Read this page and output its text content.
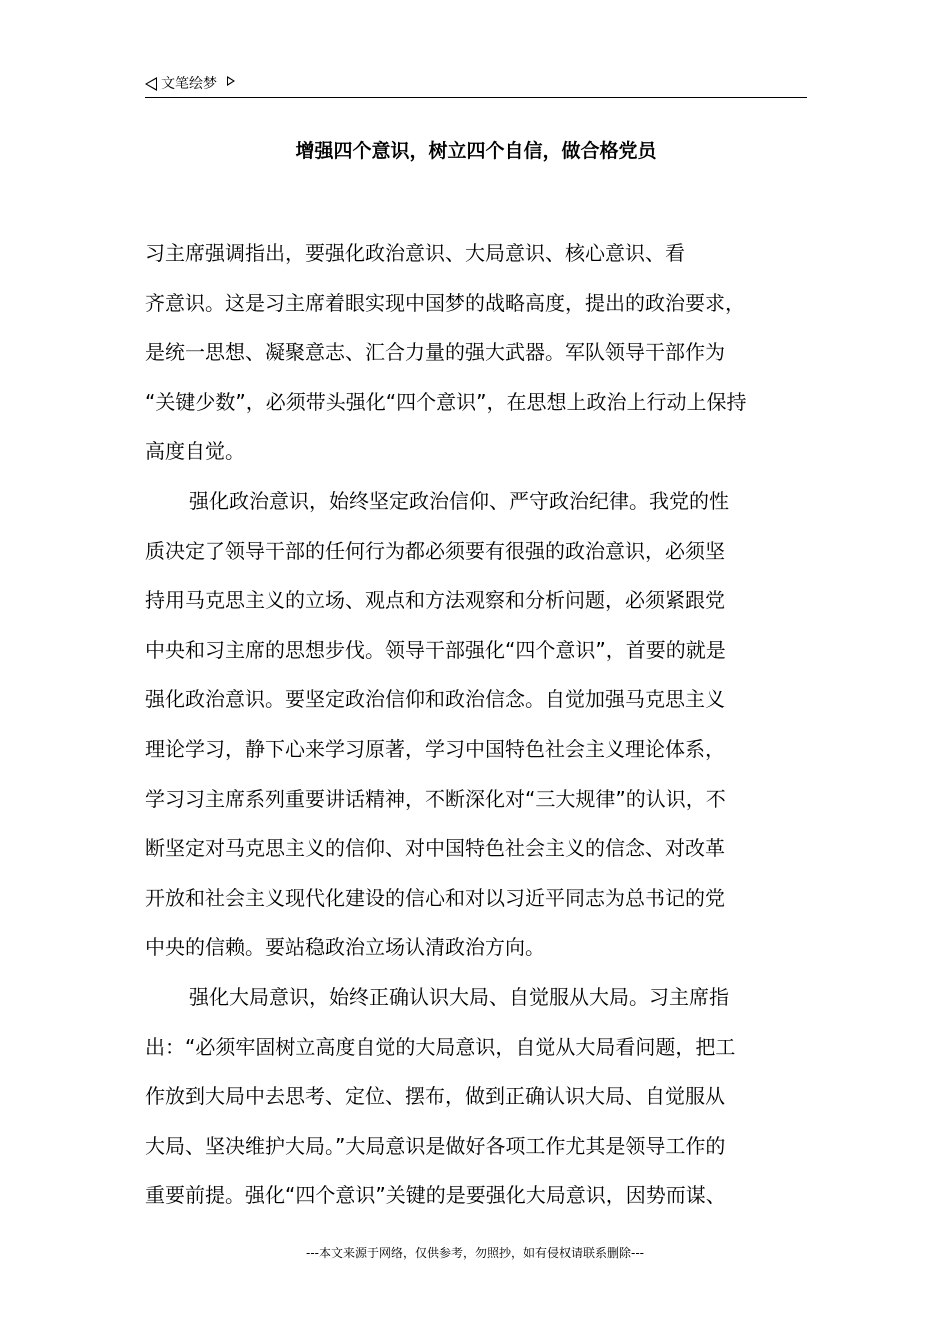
文笔绘梦
增强四个意识，树立四个自信，做合格党员
习主席强调指出，要强化政治意识、大局意识、核心意识、看
齐意识。这是习主席着眼实现中国梦的战略高度，提出的政治要求，
是统一思想、凝聚意志、汇合力量的强大武器。军队领导干部作为
“关键少数”，必须带头强化“四个意识”，在思想上政治上行动上保持
高度自觉。
强化政治意识，始终坚定政治信仰、严守政治纪律。我党的性
质决定了领导干部的任何行为都必须要有很强的政治意识，必须坚
持用马克思主义的立场、观点和方法观察和分析问题，必须紧跟党
中央和习主席的思想步伐。领导干部强化“四个意识”，首要的就是
强化政治意识。要坚定政治信仰和政治信念。自觉加强马克思主义
理论学习，静下心来学习原著，学习中国特色社会主义理论体系，
学习习主席系列重要讲话精神，不断深化对“三大规律”的认识，不
断坚定对马克思主义的信仰、对中国特色社会主义的信念、对改革
开放和社会主义现代化建设的信心和对以习近平同志为总书记的党
中央的信赖。要站稳政治立场认清政治方向。
强化大局意识，始终正确认识大局、自觉服从大局。习主席指
出：“必须牢固树立高度自觉的大局意识，自觉从大局看问题，把工
作放到大局中去思考、定位、摆布，做到正确认识大局、自觉服从
大局、坚决维护大局。”大局意识是做好各项工作尤其是领导工作的
重要前提。强化“四个意识”关键的是要强化大局意识，因势而谋、
---本文来源于网络，仅供参考，勿照抄，如有侵权请联系删除---
